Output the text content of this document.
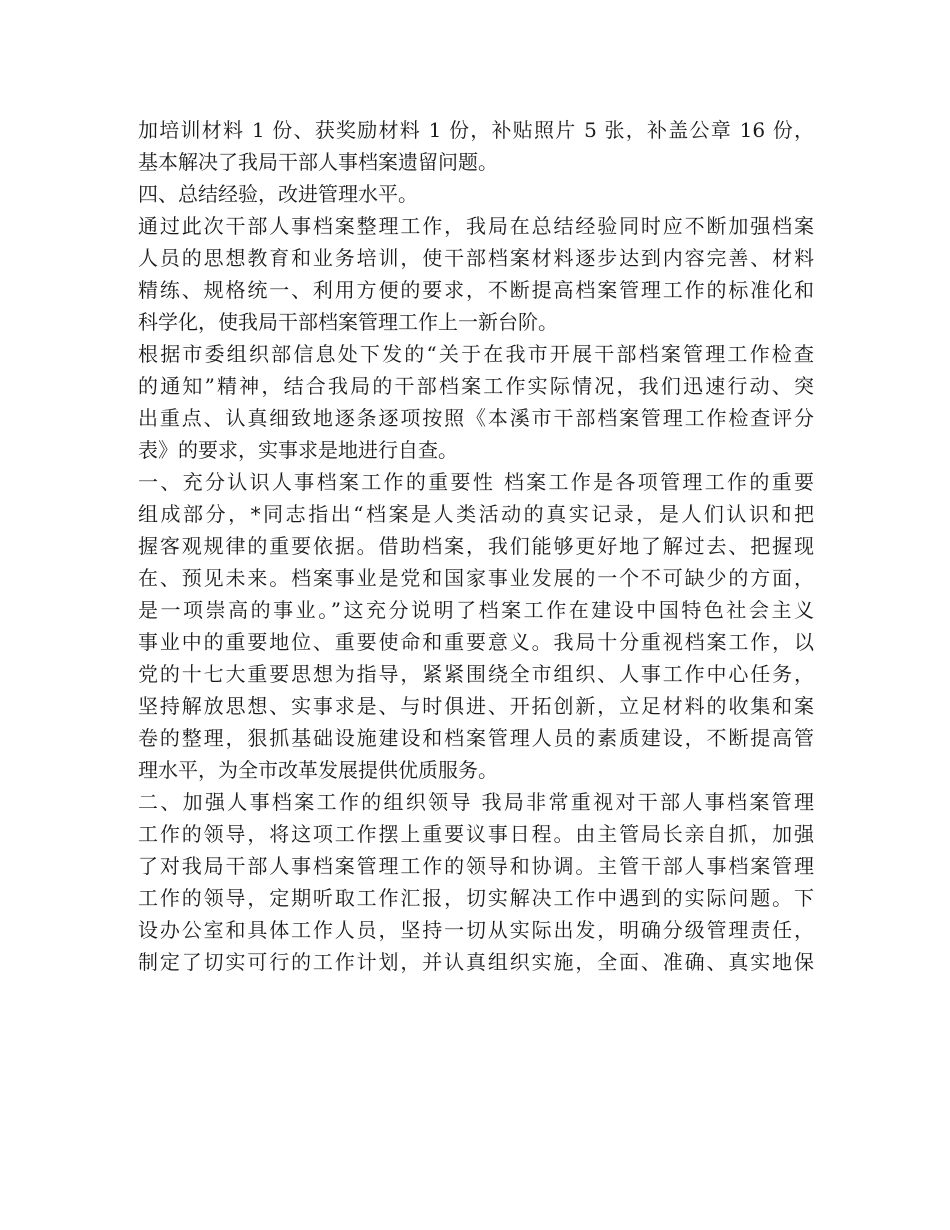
加培训材料 1 份、获奖励材料 1 份，补贴照片 5 张，补盖公章 16 份，
基本解决了我局干部人事档案遗留问题。
四、总结经验，改进管理水平。
通过此次干部人事档案整理工作，我局在总结经验同时应不断加强档案
人员的思想教育和业务培训，使干部档案材料逐步达到内容完善、材料
精练、规格统一、利用方便的要求，不断提高档案管理工作的标准化和
科学化，使我局干部档案管理工作上一新台阶。
根据市委组织部信息处下发的“关于在我市开展干部档案管理工作检查
的通知”精神，结合我局的干部档案工作实际情况，我们迅速行动、突
出重点、认真细致地逐条逐项按照《本溪市干部档案管理工作检查评分
表》的要求，实事求是地进行自查。
一、充分认识人事档案工作的重要性 档案工作是各项管理工作的重要
组成部分，*同志指出“档案是人类活动的真实记录，是人们认识和把
握客观规律的重要依据。借助档案，我们能够更好地了解过去、把握现
在、预见未来。档案事业是党和国家事业发展的一个不可缺少的方面，
是一项崇高的事业。”这充分说明了档案工作在建设中国特色社会主义
事业中的重要地位、重要使命和重要意义。我局十分重视档案工作，以
党的十七大重要思想为指导，紧紧围绕全市组织、人事工作中心任务，
坚持解放思想、实事求是、与时俱进、开拓创新，立足材料的收集和案
卷的整理，狠抓基础设施建设和档案管理人员的素质建设，不断提高管
理水平，为全市改革发展提供优质服务。
二、加强人事档案工作的组织领导 我局非常重视对干部人事档案管理
工作的领导，将这项工作摆上重要议事日程。由主管局长亲自抓，加强
了对我局干部人事档案管理工作的领导和协调。主管干部人事档案管理
工作的领导，定期听取工作汇报，切实解决工作中遇到的实际问题。下
设办公室和具体工作人员，坚持一切从实际出发，明确分级管理责任，
制定了切实可行的工作计划，并认真组织实施，全面、准确、真实地保
